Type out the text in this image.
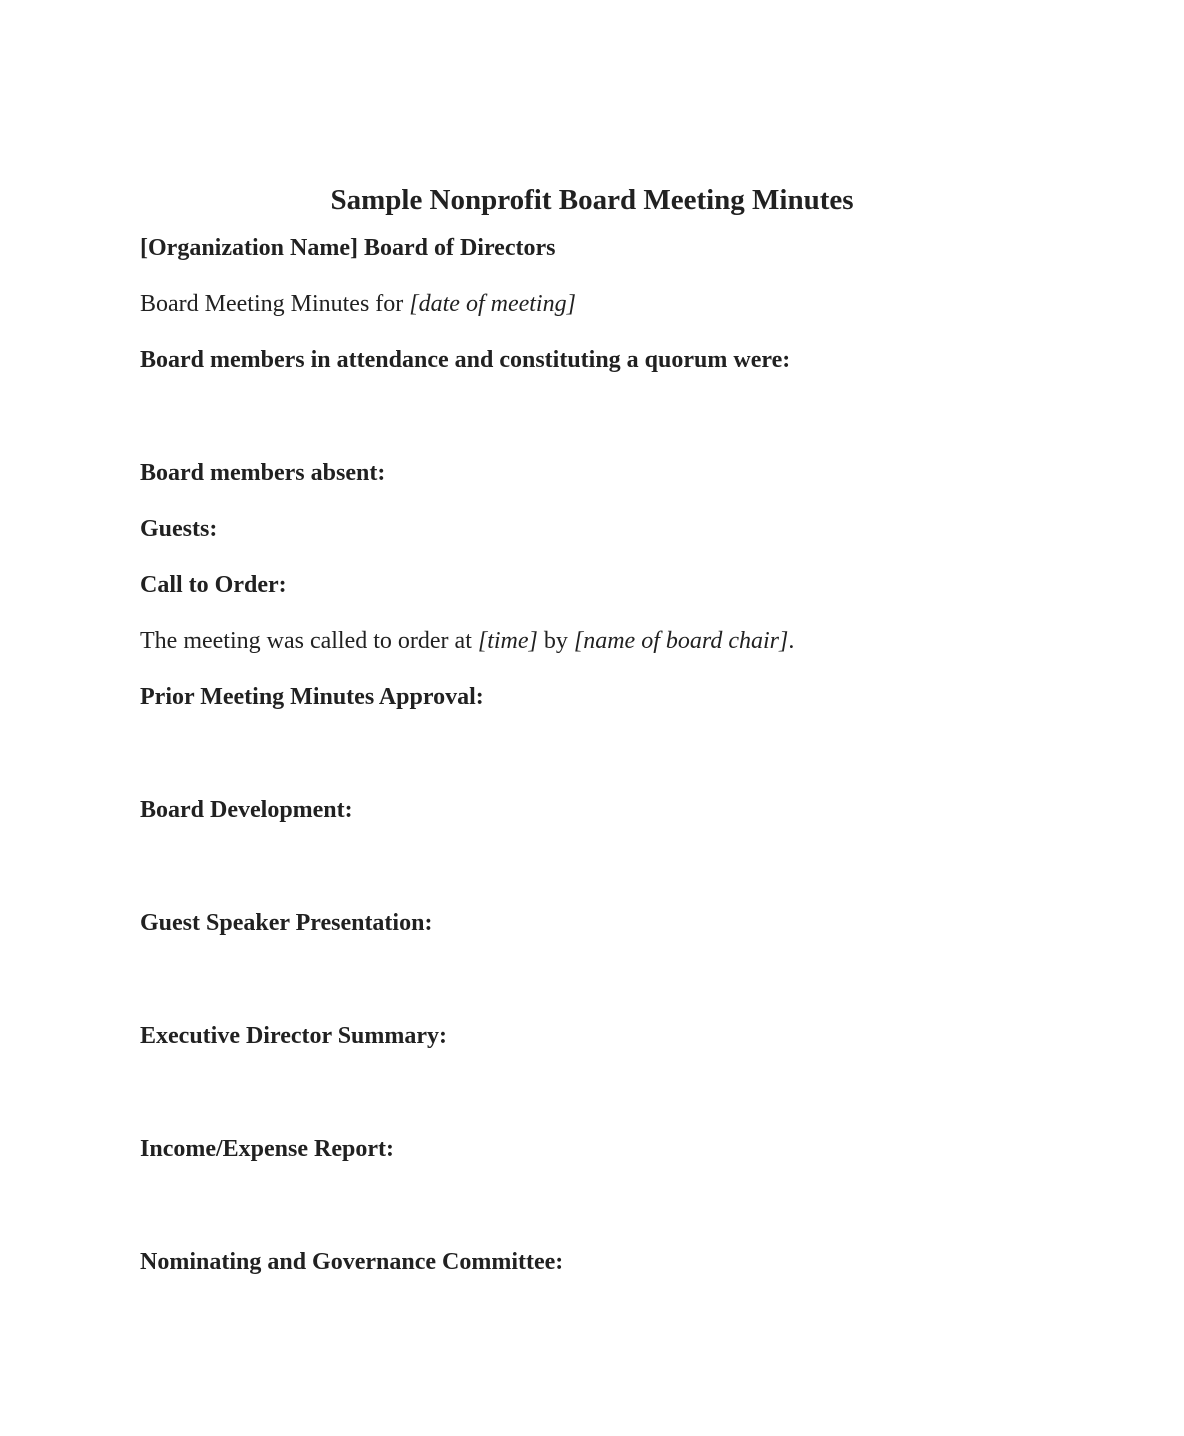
Sample Nonprofit Board Meeting Minutes

[Organization Name] Board of Directors

Board Meeting Minutes for [date of meeting]

Board members in attendance and constituting a quorum were:

Board members absent:

Guests:

Call to Order:

The meeting was called to order at [time] by [name of board chair].

Prior Meeting Minutes Approval:

Board Development:

Guest Speaker Presentation:

Executive Director Summary:

Income/Expense Report:

Nominating and Governance Committee:
